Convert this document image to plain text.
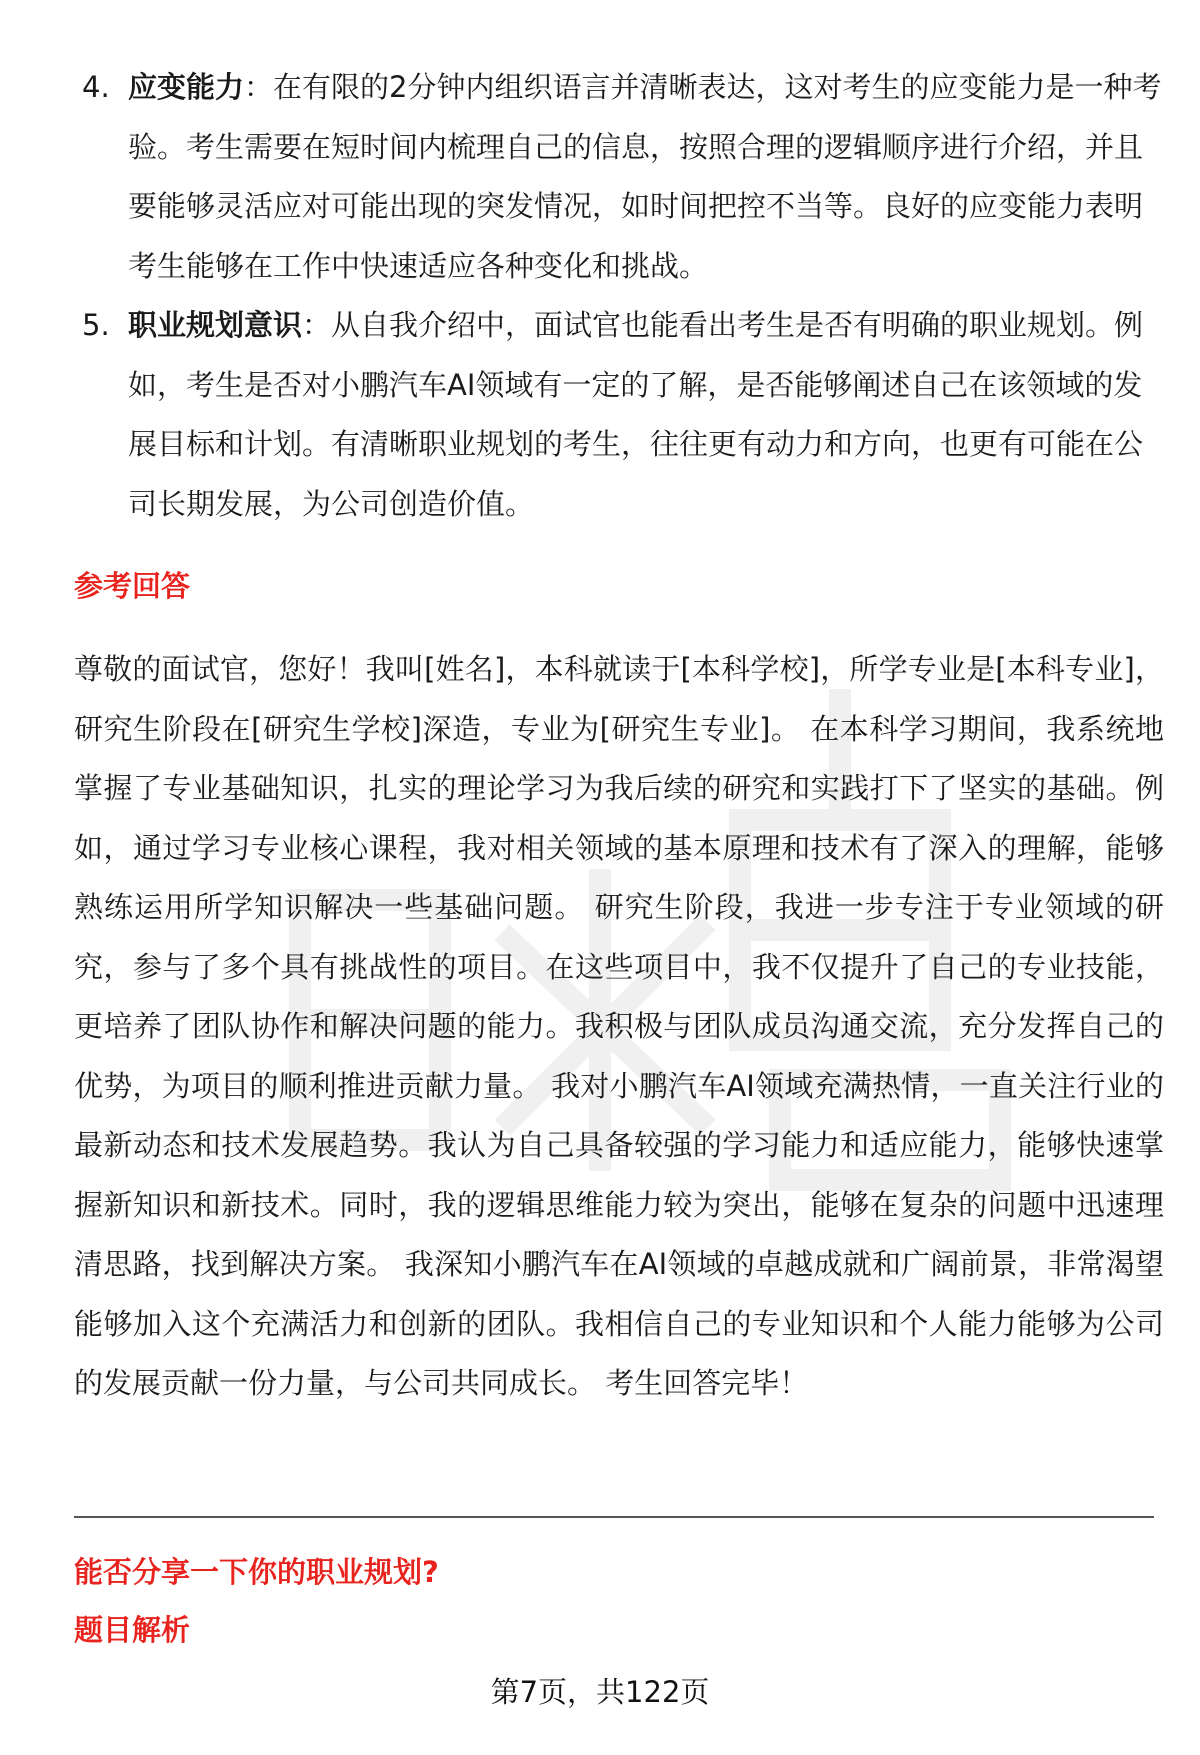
4. 应变能力：在有限的2分钟内组织语言并清晰表达，这对考生的应变能力是一种考验。考生需要在短时间内梳理自己的信息，按照合理的逻辑顺序进行介绍，并且要能够灵活应对可能出现的突发情况，如时间把控不当等。良好的应变能力表明考生能够在工作中快速适应各种变化和挑战。
5. 职业规划意识：从自我介绍中，面试官也能看出考生是否有明确的职业规划。例如，考生是否对小鹏汽车AI领域有一定的了解，是否能够阐述自己在该领域的发展目标和计划。有清晰职业规划的考生，往往更有动力和方向，也更有可能在公司长期发展，为公司创造价值。
参考回答
尊敬的面试官，您好！我叫[姓名]，本科就读于[本科学校]，所学专业是[本科专业]，研究生阶段在[研究生学校]深造，专业为[研究生专业]。 在本科学习期间，我系统地掌握了专业基础知识，扎实的理论学习为我后续的研究和实践打下了坚实的基础。例如，通过学习专业核心课程，我对相关领域的基本原理和技术有了深入的理解，能够熟练运用所学知识解决一些基础问题。 研究生阶段，我进一步专注于专业领域的研究，参与了多个具有挑战性的项目。在这些项目中，我不仅提升了自己的专业技能，更培养了团队协作和解决问题的能力。我积极与团队成员沟通交流，充分发挥自己的优势，为项目的顺利推进贡献力量。 我对小鹏汽车AI领域充满热情，一直关注行业的最新动态和技术发展趋势。我认为自己具备较强的学习能力和适应能力，能够快速掌握新知识和新技术。同时，我的逻辑思维能力较为突出，能够在复杂的问题中迅速理清思路，找到解决方案。 我深知小鹏汽车在AI领域的卓越成就和广阔前景，非常渴望能够加入这个充满活力和创新的团队。我相信自己的专业知识和个人能力能够为公司的发展贡献一份力量，与公司共同成长。 考生回答完毕！
能否分享一下你的职业规划?
题目解析
第7页，共122页
